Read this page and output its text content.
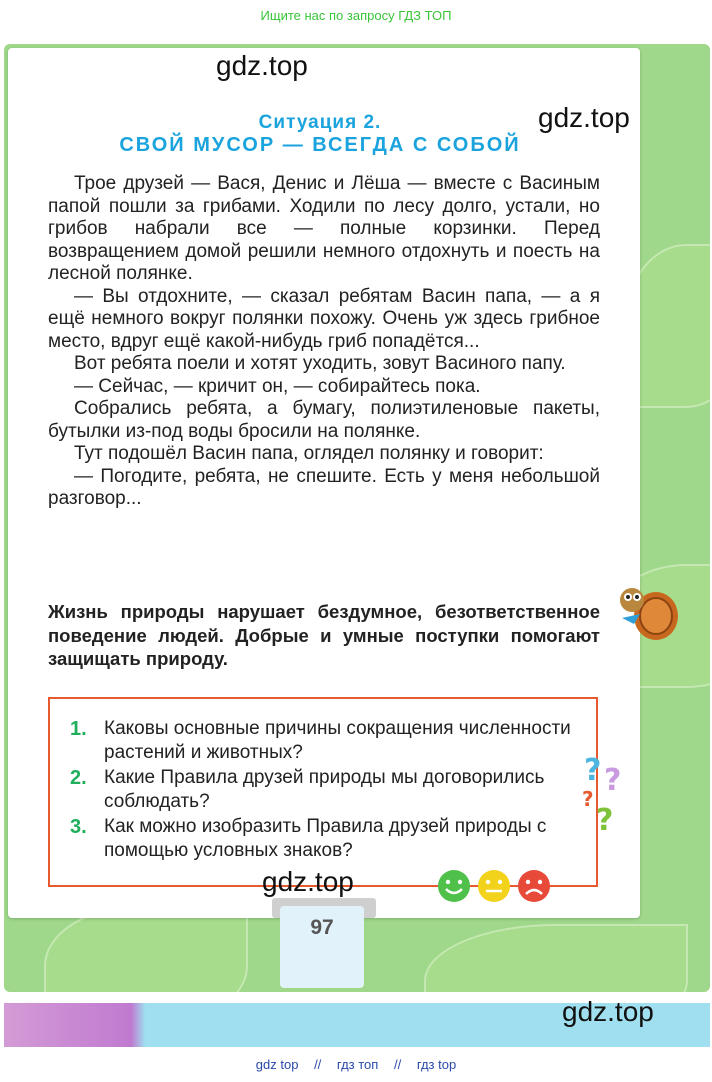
Ищите нас по запросу ГДЗ ТОП
gdz.top
gdz.top
Ситуация 2.
СВОЙ МУСОР — ВСЕГДА С СОБОЙ

Трое друзей — Вася, Денис и Лёша — вместе с Васиным папой пошли за грибами. Ходили по лесу долго, устали, но грибов набрали все — полные корзинки. Перед возвращением домой решили немного отдохнуть и поесть на лесной полянке.

— Вы отдохните, — сказал ребятам Васин папа, — а я ещё немного вокруг полянки похожу. Очень уж здесь грибное место, вдруг ещё какой-нибудь гриб попадётся...

Вот ребята поели и хотят уходить, зовут Васиного папу.

— Сейчас, — кричит он, — собирайтесь пока.

Собрались ребята, а бумагу, полиэтиленовые пакеты, бутылки из-под воды бросили на полянке.

Тут подошёл Васин папа, оглядел полянку и говорит:

— Погодите, ребята, не спешите. Есть у меня небольшой разговор...

Жизнь природы нарушает бездумное, безответственное поведение людей. Добрые и умные поступки помогают защищать природу.
1. Каковы основные причины сокращения численности растений и животных?
2. Какие Правила друзей природы мы договорились соблюдать?
3. Как можно изобразить Правила друзей природы с помощью условных знаков?
? ?
?
?
gdz.top
97
gdz.top
gdz top // гдз топ // гдз top
